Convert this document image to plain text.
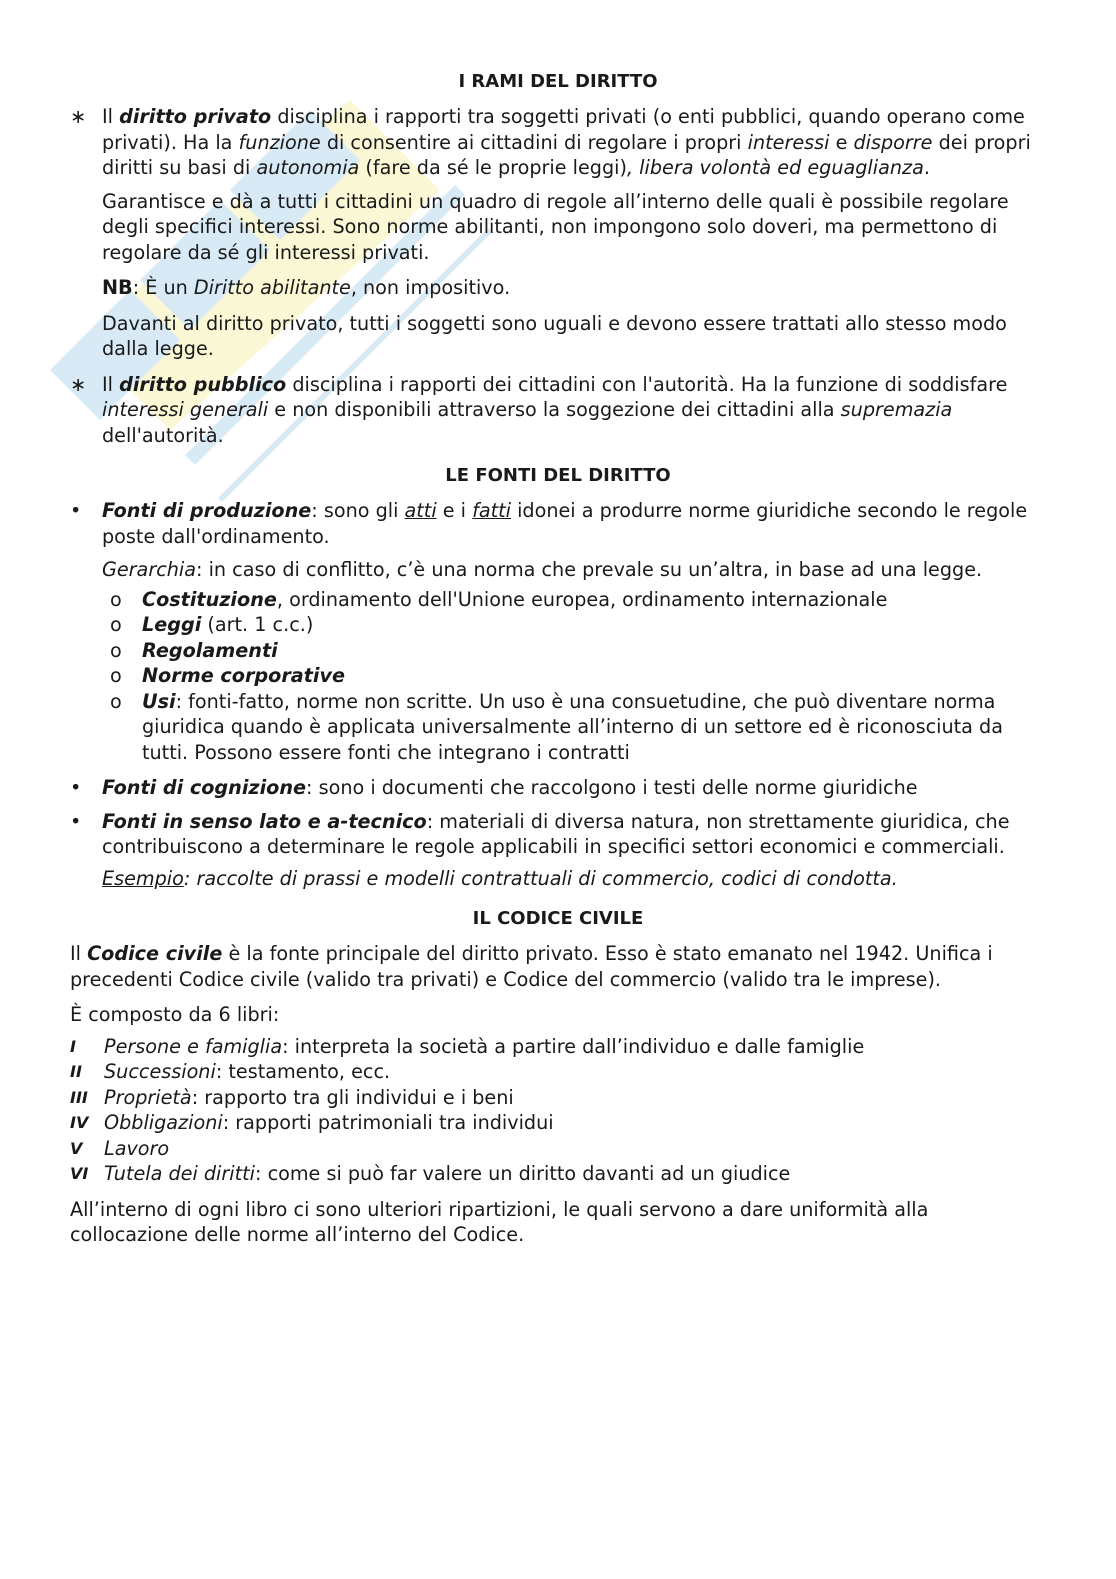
I RAMI DEL DIRITTO
∗ Il diritto privato disciplina i rapporti tra soggetti privati (o enti pubblici, quando operano come privati). Ha la funzione di consentire ai cittadini di regolare i propri interessi e disporre dei propri diritti su basi di autonomia (fare da sé le proprie leggi), libera volontà ed eguaglianza.

Garantisce e dà a tutti i cittadini un quadro di regole all’interno delle quali è possibile regolare degli specifici interessi. Sono norme abilitanti, non impongono solo doveri, ma permettono di regolare da sé gli interessi privati.

NB: È un Diritto abilitante, non impositivo.

Davanti al diritto privato, tutti i soggetti sono uguali e devono essere trattati allo stesso modo dalla legge.

∗ Il diritto pubblico disciplina i rapporti dei cittadini con l'autorità. Ha la funzione di soddisfare interessi generali e non disponibili attraverso la soggezione dei cittadini alla supremazia dell'autorità.
LE FONTI DEL DIRITTO
•	Fonti di produzione: sono gli atti e i fatti idonei a produrre norme giuridiche secondo le regole poste dall'ordinamento.

Gerarchia: in caso di conflitto, c’è una norma che prevale su un’altra, in base ad una legge.

o Costituzione, ordinamento dell'Unione europea, ordinamento internazionale
o Leggi (art. 1 c.c.)
o Regolamenti
o Norme corporative
o Usi: fonti-fatto, norme non scritte. Un uso è una consuetudine, che può diventare norma giuridica quando è applicata universalmente all’interno di un settore ed è riconosciuta da tutti. Possono essere fonti che integrano i contratti
•	Fonti di cognizione: sono i documenti che raccolgono i testi delle norme giuridiche
•	Fonti in senso lato e a-tecnico: materiali di diversa natura, non strettamente giuridica, che contribuiscono a determinare le regole applicabili in specifici settori economici e commerciali.

Esempio: raccolte di prassi e modelli contrattuali di commercio, codici di condotta.

IL CODICE CIVILE

Il Codice civile è la fonte principale del diritto privato. Esso è stato emanato nel 1942. Unifica i precedenti Codice civile (valido tra privati) e Codice del commercio (valido tra le imprese).

È composto da 6 libri:

I	Persone e famiglia: interpreta la società a partire dall’individuo e dalle famiglie
II	Successioni: testamento, ecc.
III Proprietà: rapporto tra gli individui e i beni
IV Obbligazioni: rapporti patrimoniali tra individui
V	Lavoro
VI Tutela dei diritti: come si può far valere un diritto davanti ad un giudice

All’interno di ogni libro ci sono ulteriori ripartizioni, le quali servono a dare uniformità alla collocazione delle norme all’interno del Codice.
